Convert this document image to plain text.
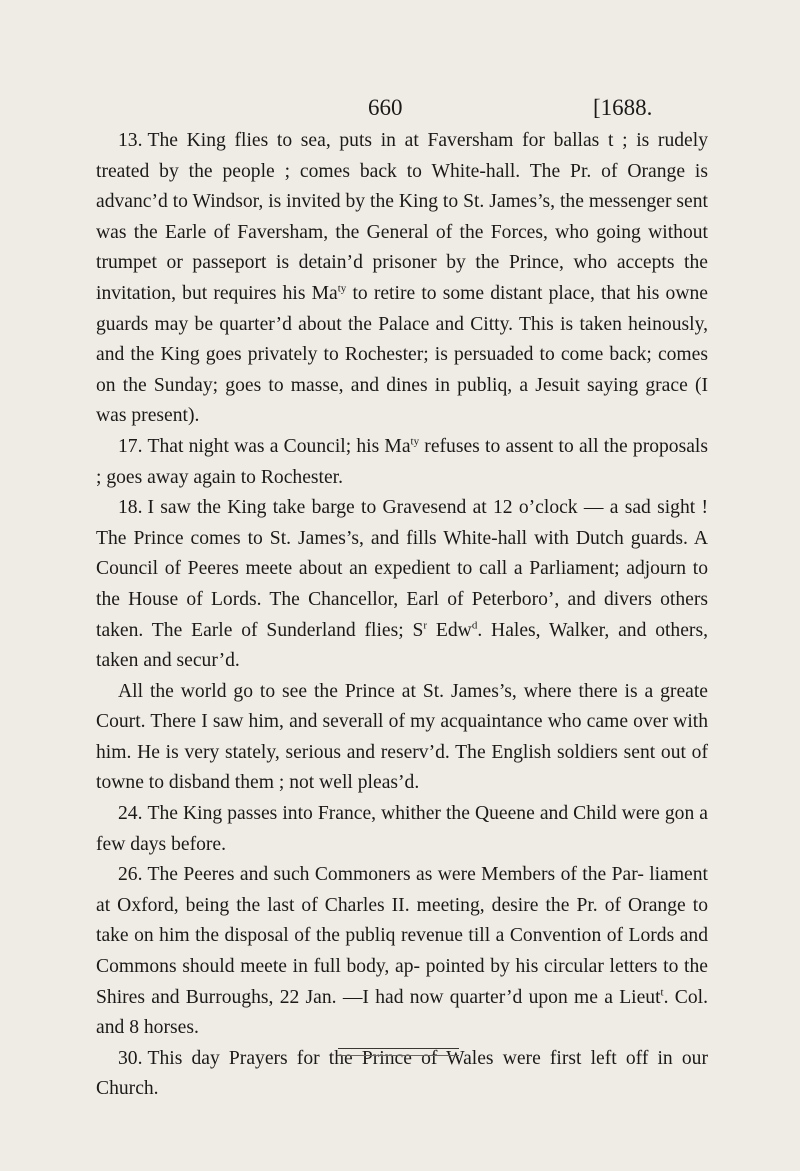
660	[1688.

13. The King flies to sea, puts in at Faversham for ballas t ; is rudely treated by the people ; comes back to White-hall. The Pr. of Orange is advanc’d to Windsor, is invited by the King to St. James’s, the messenger sent was the Earle of Faversham, the General of the Forces, who going without trumpet or passeport is detain’d prisoner by the Prince, who accepts the invitation, but requires his $Ma^{ty}$ to retire to some distant place, that his owne guards may be quarter’d about the Palace and Citty. This is taken heinously, and the King goes privately to Rochester; is persuaded to come back; comes on the Sunday; goes to masse, and dines in publiq, a Jesuit saying grace (I was present).

17. That night was a Council; his $Ma^{ty}$ refuses to assent to all the proposals ; goes away again to Rochester.

18. I saw the King take barge to Gravesend at 12 o’clock — a sad sight ! The Prince comes to St. James’s, and fills White-hall with Dutch guards. A Council of Peeres meete about an expedient to call a Parliament; adjourn to the House of Lords. The Chancellor, Earl of Peterboro’, and divers others taken. The Earle of Sunderland flies; $S^r$ Edw$^d$. Hales, Walker, and others, taken and secur’d.

All the world go to see the Prince at St. James’s, where there is a greate Court. There I saw him, and severall of my acquaintance who came over with him. He is very stately, serious and reserv’d. The English soldiers sent out of towne to disband them ; not well pleas’d.

24. The King passes into France, whither the Queene and Child were gon a few days before.

26. The Peeres and such Commoners as were Members of the Par- liament at Oxford, being the last of Charles II. meeting, desire the Pr. of Orange to take on him the disposal of the publiq revenue till a Convention of Lords and Commons should meete in full body, ap- pointed by his circular letters to the Shires and Burroughs, 22 Jan. —I had now quarter’d upon me a Lieut$^t$. Col. and 8 horses.

30. This day Prayers for the Prince of Wales were first left off in our Church.
